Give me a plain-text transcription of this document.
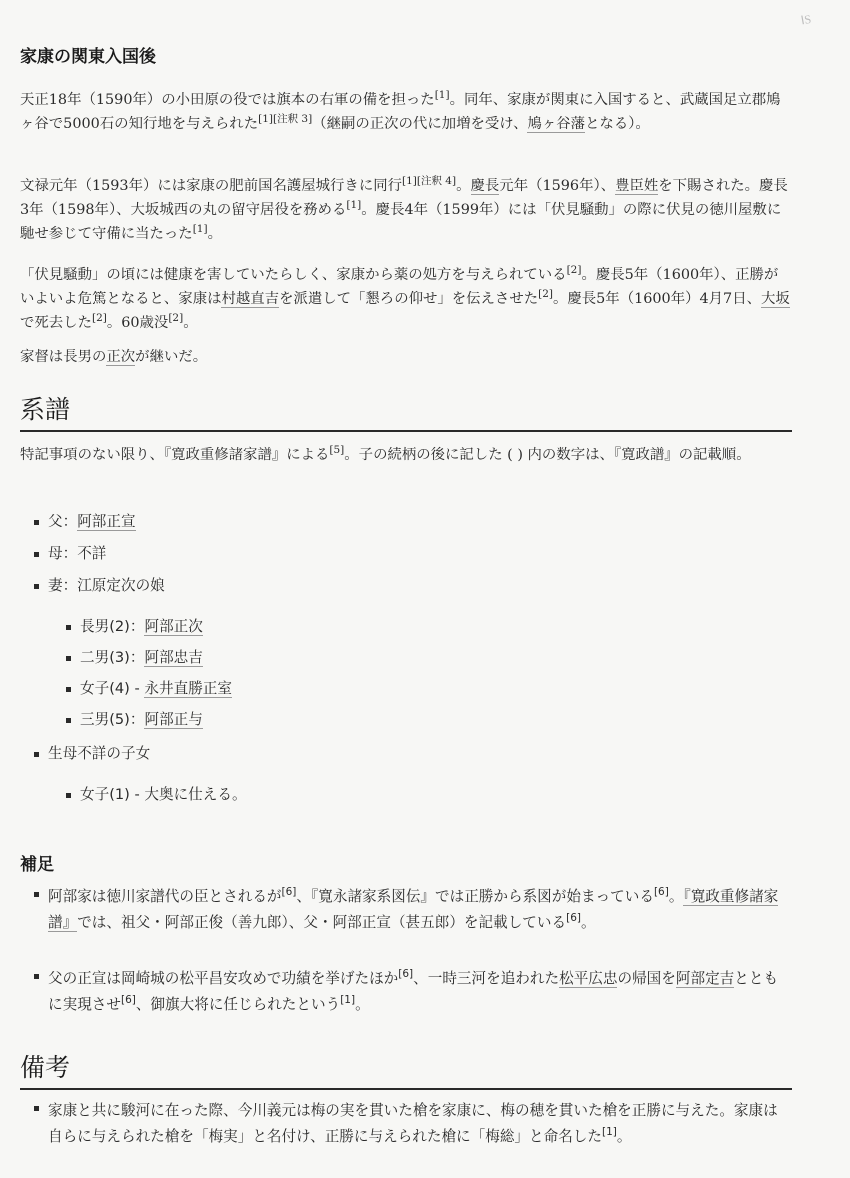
ⅠS
家康の関東入国後

天正18年（1590年）の小田原の役では旗本の右軍の備を担った[1]。同年、家康が関東に入国すると、武蔵国足立郡鳩ヶ谷で5000石の知行地を与えられた[1][注釈 3]（継嗣の正次の代に加増を受け、鳩ヶ谷藩となる）。

文禄元年（1593年）には家康の肥前国名護屋城行きに同行[1][注釈 4]。慶長元年（1596年）、豊臣姓を下賜された。慶長3年（1598年）、大坂城西の丸の留守居役を務める[1]。慶長4年（1599年）には「伏見騒動」の際に伏見の徳川屋敷に馳せ参じて守備に当たった[1]。

「伏見騒動」の頃には健康を害していたらしく、家康から薬の処方を与えられている[2]。慶長5年（1600年）、正勝がいよいよ危篤となると、家康は村越直吉を派遣して「懇ろの仰せ」を伝えさせた[2]。慶長5年（1600年）4月7日、大坂で死去した[2]。60歳没[2]。

家督は長男の正次が継いだ。

系譜

特記事項のない限り、『寛政重修諸家譜』による[5]。子の続柄の後に記した ( ) 内の数字は、『寛政譜』の記載順。

父：阿部正宣
母：不詳
妻：江原定次の娘
長男(2)：阿部正次
二男(3)：阿部忠吉
女子(4) - 永井直勝正室
三男(5)：阿部正与
生母不詳の子女
女子(1) - 大奥に仕える。
補足
阿部家は徳川家譜代の臣とされるが[6]、『寛永諸家系図伝』では正勝から系図が始まっている[6]。『寛政重修諸家譜』では、祖父・阿部正俊（善九郎）、父・阿部正宣（甚五郎）を記載している[6]。
父の正宣は岡崎城の松平昌安攻めで功績を挙げたほか[6]、一時三河を追われた松平広忠の帰国を阿部定吉とともに実現させ[6]、御旗大将に任じられたという[1]。
備考
家康と共に駿河に在った際、今川義元は梅の実を貫いた槍を家康に、梅の穂を貫いた槍を正勝に与えた。家康は自らに与えられた槍を「梅実」と名付け、正勝に与えられた槍に「梅総」と命名した[1]。
